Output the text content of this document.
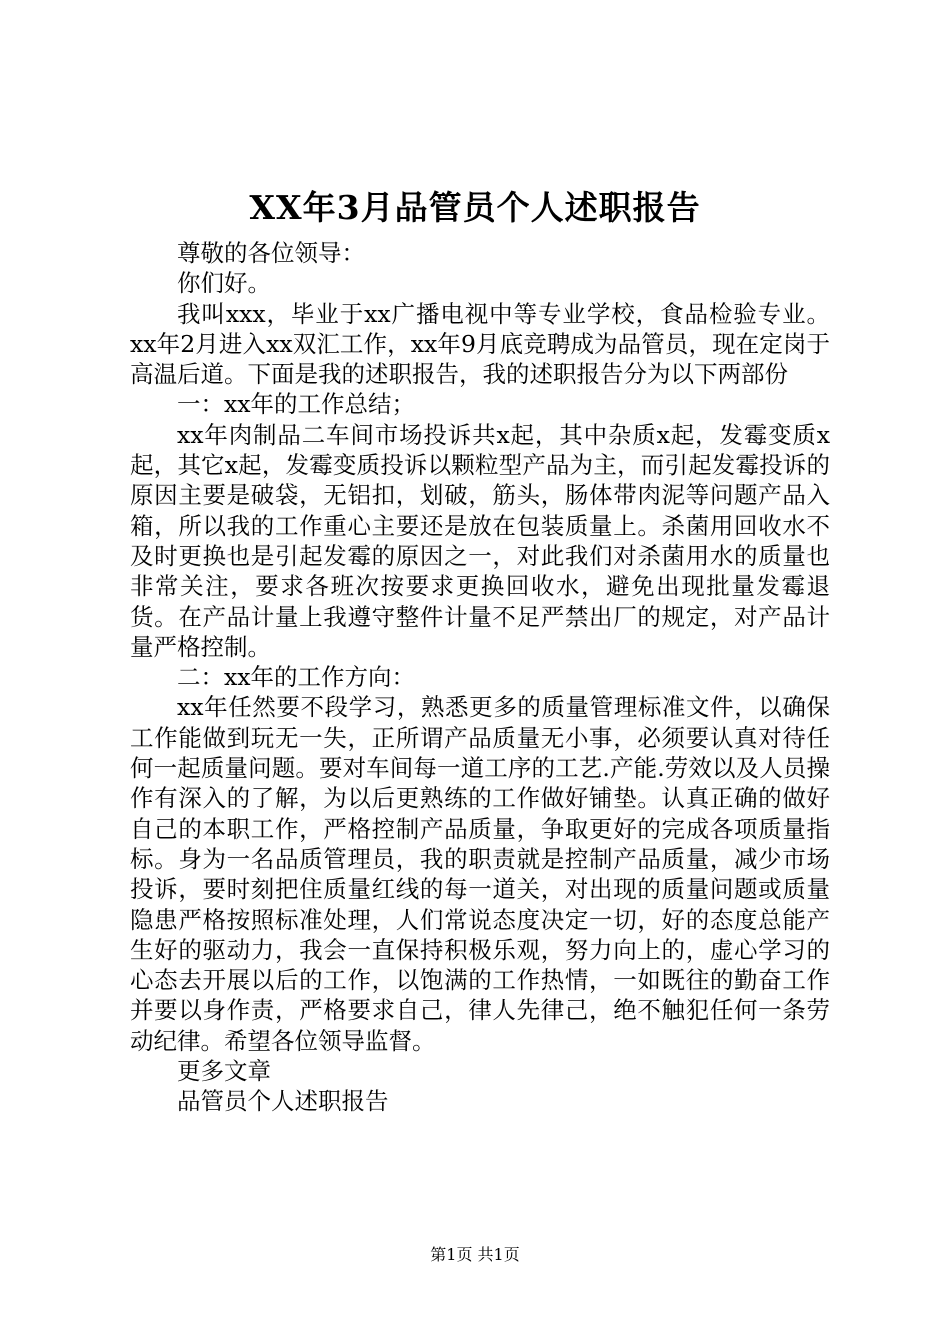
XX年3月品管员个人述职报告

尊敬的各位领导：

你们好。

我叫xxx，毕业于xx广播电视中等专业学校，食品检验专业。xx年2月进入xx双汇工作，xx年9月底竞聘成为品管员，现在定岗于高温后道。下面是我的述职报告，我的述职报告分为以下两部份

一：xx年的工作总结；

xx年肉制品二车间市场投诉共x起，其中杂质x起，发霉变质x起，其它x起，发霉变质投诉以颗粒型产品为主，而引起发霉投诉的原因主要是破袋，无铝扣，划破，筋头，肠体带肉泥等问题产品入箱，所以我的工作重心主要还是放在包装质量上。杀菌用回收水不及时更换也是引起发霉的原因之一，对此我们对杀菌用水的质量也非常关注，要求各班次按要求更换回收水，避免出现批量发霉退货。在产品计量上我遵守整件计量不足严禁出厂的规定，对产品计量严格控制。

二：xx年的工作方向：

xx年任然要不段学习，熟悉更多的质量管理标准文件，以确保工作能做到玩无一失，正所谓产品质量无小事，必须要认真对待任何一起质量问题。要对车间每一道工序的工艺.产能.劳效以及人员操作有深入的了解，为以后更熟练的工作做好铺垫。认真正确的做好自己的本职工作，严格控制产品质量，争取更好的完成各项质量指标。身为一名品质管理员，我的职责就是控制产品质量，减少市场投诉，要时刻把住质量红线的每一道关，对出现的质量问题或质量隐患严格按照标准处理，人们常说态度决定一切，好的态度总能产生好的驱动力，我会一直保持积极乐观，努力向上的，虚心学习的心态去开展以后的工作，以饱满的工作热情，一如既往的勤奋工作并要以身作责，严格要求自己，律人先律己，绝不触犯任何一条劳动纪律。希望各位领导监督。

更多文章

品管员个人述职报告

第1页 共1页
